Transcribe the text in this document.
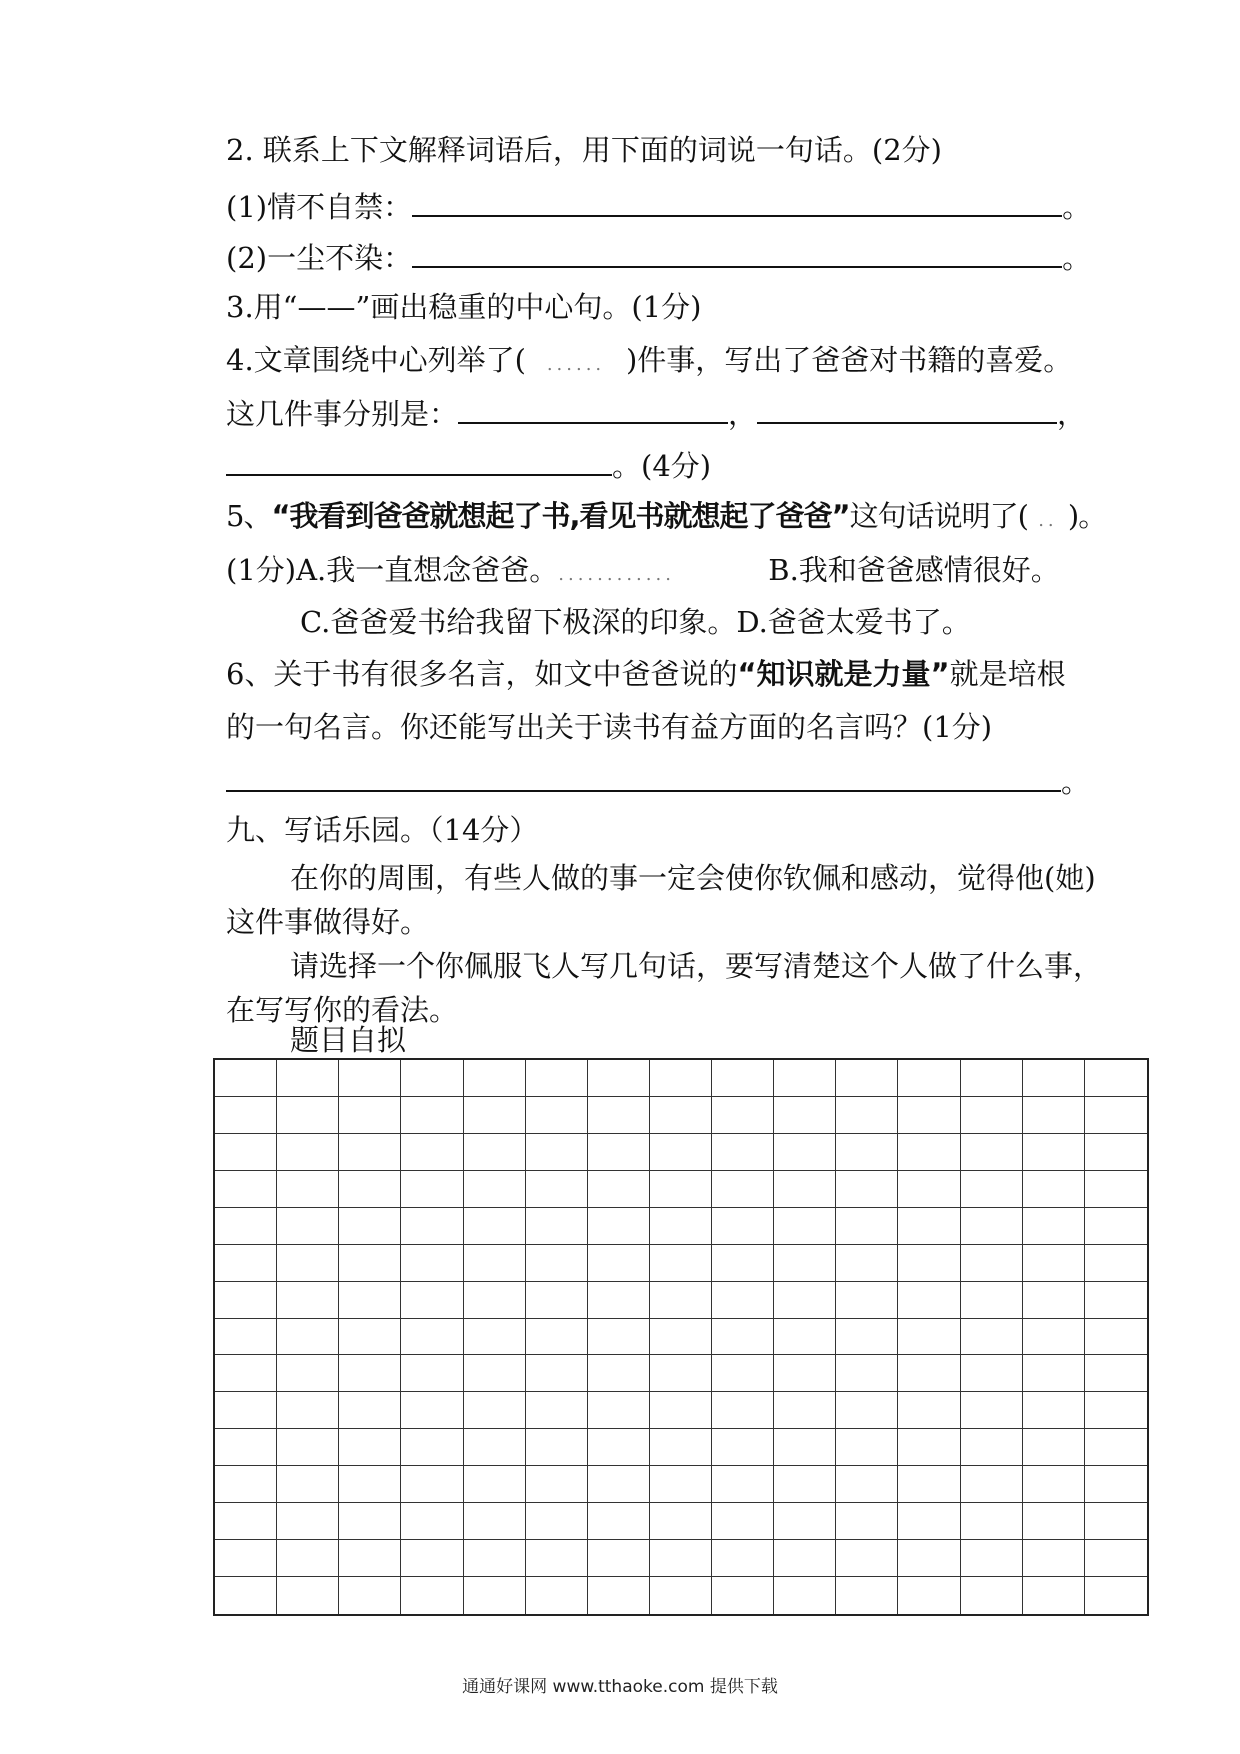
2. 联系上下文解释词语后，用下面的词说一句话。(2分)
(1)情不自禁：	。
(2)一尘不染：	。
3.用“——”画出稳重的中心句。(1分)
4.文章围绕中心列举了( ...... )件事，写出了爸爸对书籍的喜爱。
这几件事分别是：	，	，
。(4分)
5、“我看到爸爸就想起了书,看见书就想起了爸爸”这句话说明了( .. )。
(1分)A.我一直想念爸爸。............	B.我和爸爸感情很好。
C.爸爸爱书给我留下极深的印象。D.爸爸太爱书了。
6、关于书有很多名言，如文中爸爸说的“知识就是力量”就是培根
的一句名言。你还能写出关于读书有益方面的名言吗？(1分)
。
九、写话乐园。（14分）
在你的周围，有些人做的事一定会使你钦佩和感动，觉得他(她)
这件事做得好。
请选择一个你佩服飞人写几句话，要写清楚这个人做了什么事，
在写写你的看法。
题目自拟
通通好课网 www.tthaoke.com 提供下载
